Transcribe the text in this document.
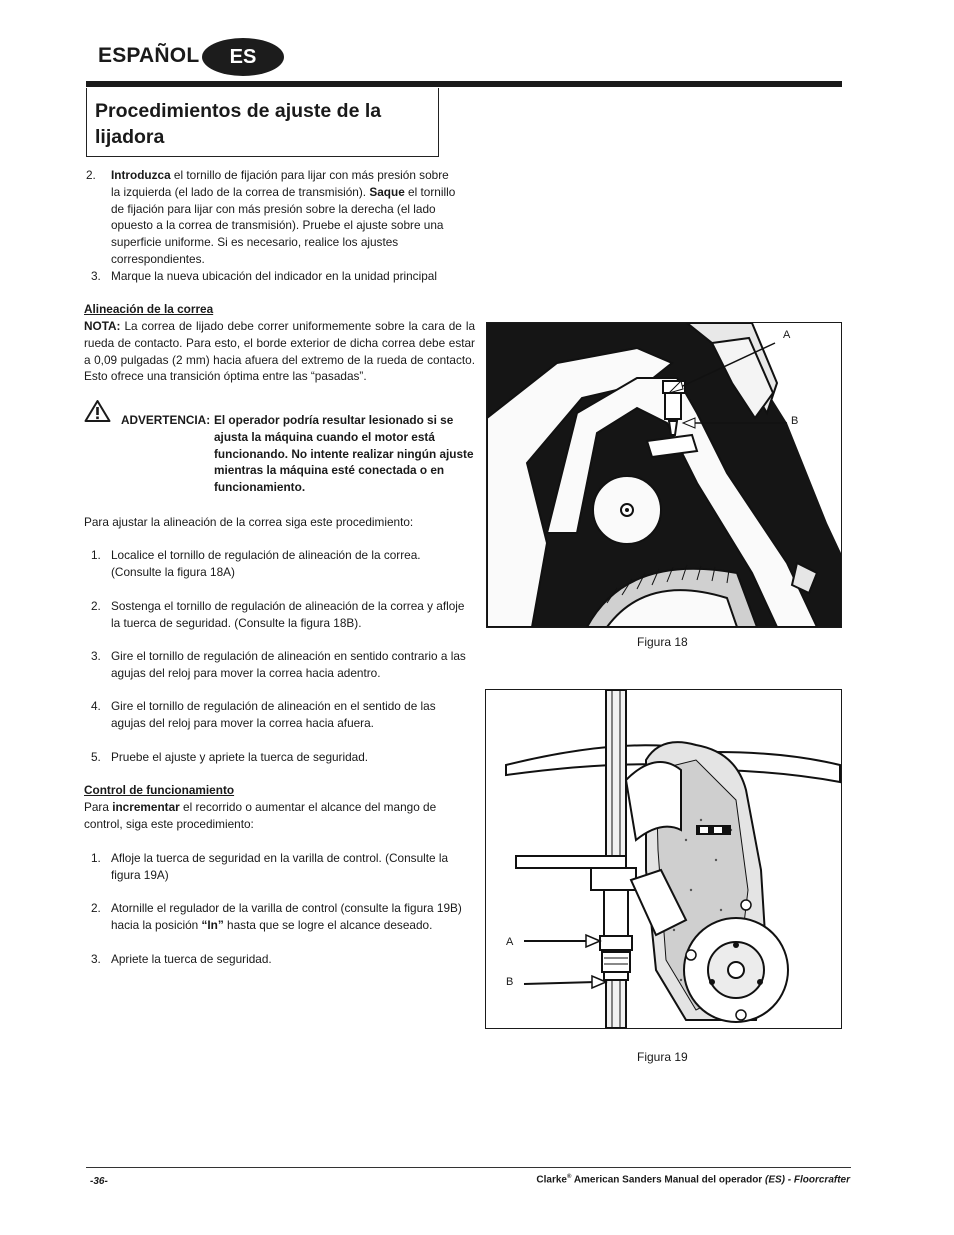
ESPAÑOL	ES
Procedimientos de ajuste de la lijadora
2.	Introduzca el tornillo de fijación para lijar con más presión sobre la izquierda (el lado de la correa de transmisión). Saque el tornillo de fijación para lijar con más presión sobre la derecha (el lado opuesto a la correa de transmisión). Pruebe el ajuste sobre una superficie uniforme. Si es necesario, realice los ajustes correspondientes.
3. Marque la nueva ubicación del indicador en la unidad principal
Alineación de la correa
NOTA: La correa de lijado debe correr uniformemente sobre la cara de la rueda de contacto. Para esto, el borde exterior de dicha correa debe estar a 0,09 pulgadas (2 mm) hacia afuera del extremo de la rueda de contacto. Esto ofrece una transición óptima entre las “pasadas”.
ADVERTENCIA: El operador podría resultar lesionado si se ajusta la máquina cuando el motor está funcionando. No intente realizar ningún ajuste mientras la máquina esté conectada o en funcionamiento.
Para ajustar la alineación de la correa siga este procedimiento:
1. Localice el tornillo de regulación de alineación de la correa. (Consulte la figura 18A)
2. Sostenga el tornillo de regulación de alineación de la correa y afloje la tuerca de seguridad. (Consulte la figura 18B).
3. Gire el tornillo de regulación de alineación en sentido contrario a las agujas del reloj para mover la correa hacia adentro.
4. Gire el tornillo de regulación de alineación en el sentido de las agujas del reloj para mover la correa hacia afuera.
5. Pruebe el ajuste y apriete la tuerca de seguridad.
Control de funcionamiento
Para incrementar el recorrido o aumentar el alcance del mango de control, siga este procedimiento:
1. Afloje la tuerca de seguridad en la varilla de control. (Consulte la figura 19A)
2. Atornille el regulador de la varilla de control (consulte la figura 19B) hacia la posición “In” hasta que se logre el alcance deseado.
3. Apriete la tuerca de seguridad.
A
B
Figura 18
A
B
Figura 19
-36-	Clarke® American Sanders Manual del operador (ES) - Floorcrafter
